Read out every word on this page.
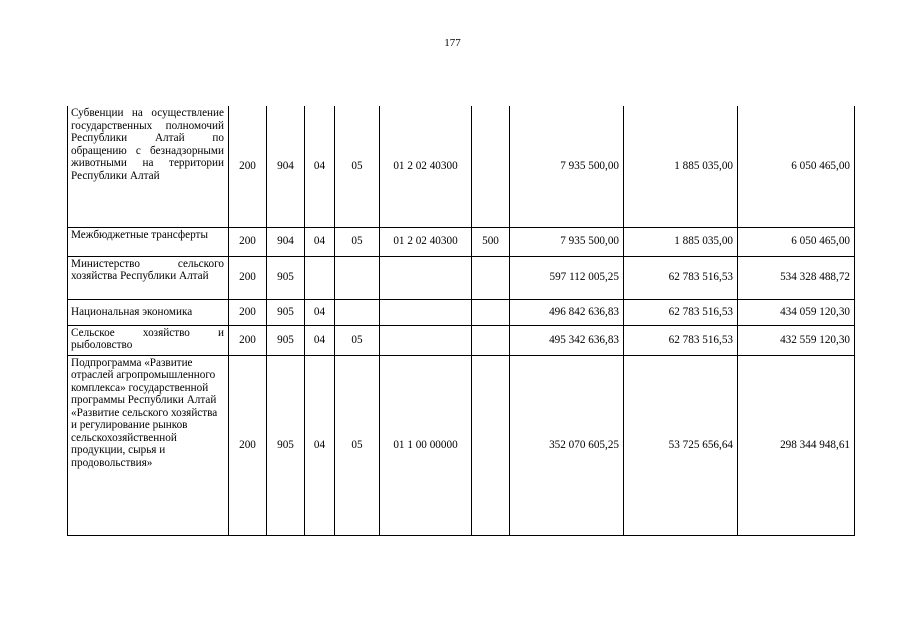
177
Субвенции на осуществление государственных полномочий Республики Алтай по обращению с безнадзорными животными на территории Республики Алтай	200	904	04	05	01 2 02 40300		7 935 500,00	1 885 035,00	6 050 465,00
Межбюджетные трансферты	200	904	04	05	01 2 02 40300	500	7 935 500,00	1 885 035,00	6 050 465,00
Министерство сельского хозяйства Республики Алтай	200	905					597 112 005,25	62 783 516,53	534 328 488,72
Национальная экономика	200	905	04				496 842 636,83	62 783 516,53	434 059 120,30
Сельское хозяйство и рыболовство	200	905	04	05			495 342 636,83	62 783 516,53	432 559 120,30
Подпрограмма «Развитие отраслей агропромышленного комплекса» государственной программы Республики Алтай «Развитие сельского хозяйства и регулирование рынков сельскохозяйственной продукции, сырья и продовольствия»	200	905	04	05	01 1 00 00000		352 070 605,25	53 725 656,64	298 344 948,61
